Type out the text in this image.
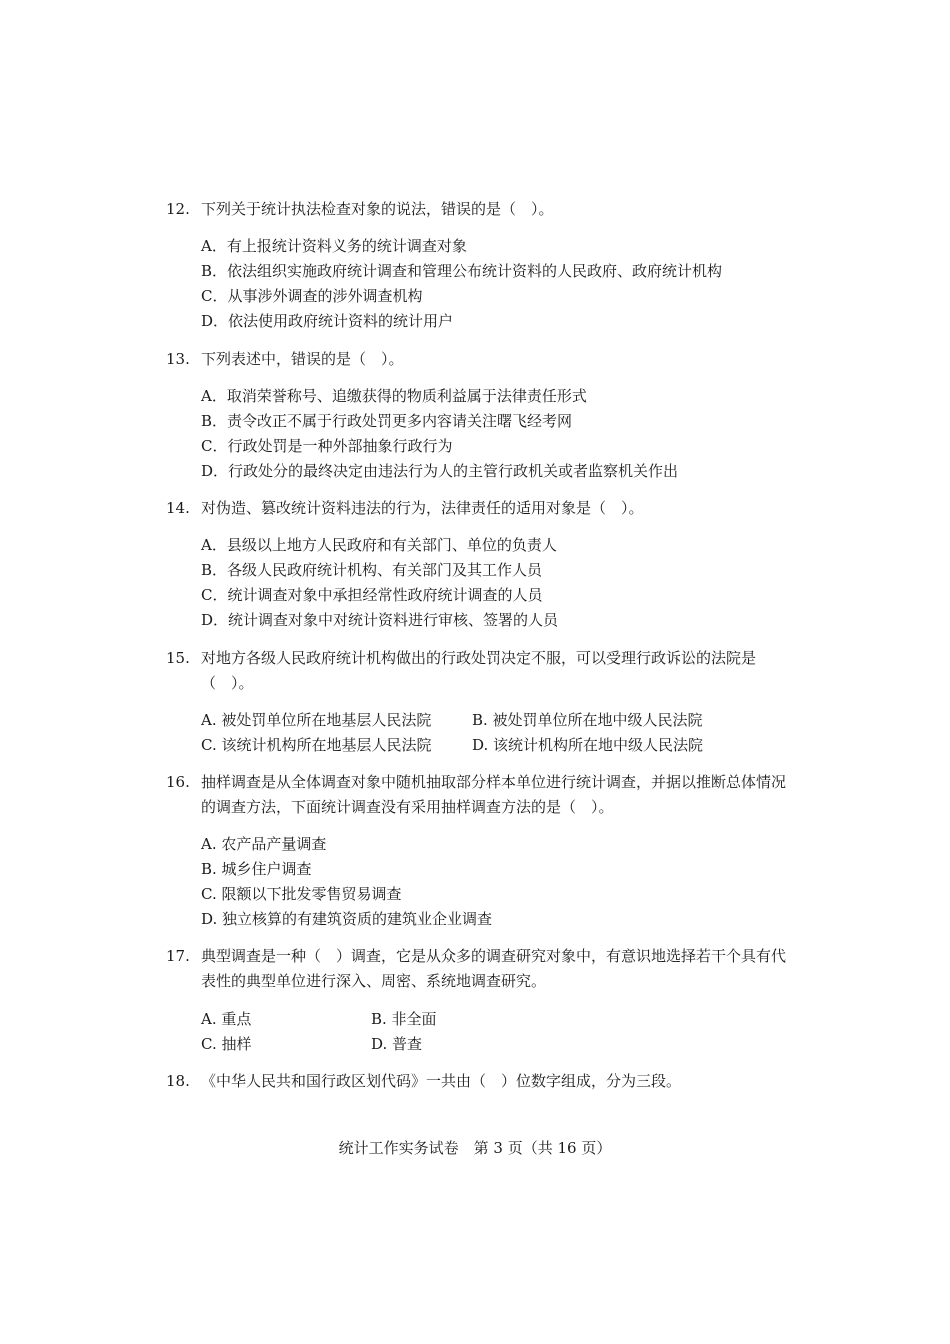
12. 下列关于统计执法检查对象的说法，错误的是（　）。
A．有上报统计资料义务的统计调查对象
B．依法组织实施政府统计调查和管理公布统计资料的人民政府、政府统计机构
C．从事涉外调查的涉外调查机构
D．依法使用政府统计资料的统计用户
13. 下列表述中，错误的是（　）。
A．取消荣誉称号、追缴获得的物质利益属于法律责任形式
B．责令改正不属于行政处罚更多内容请关注曙飞经考网
C．行政处罚是一种外部抽象行政行为
D．行政处分的最终决定由违法行为人的主管行政机关或者监察机关作出
14. 对伪造、篡改统计资料违法的行为，法律责任的适用对象是（　）。
A．县级以上地方人民政府和有关部门、单位的负责人
B．各级人民政府统计机构、有关部门及其工作人员
C．统计调查对象中承担经常性政府统计调查的人员
D．统计调查对象中对统计资料进行审核、签署的人员
15. 对地方各级人民政府统计机构做出的行政处罚决定不服，可以受理行政诉讼的法院是（　）。
A. 被处罚单位所在地基层人民法院	B. 被处罚单位所在地中级人民法院
C. 该统计机构所在地基层人民法院	D. 该统计机构所在地中级人民法院
16. 抽样调查是从全体调查对象中随机抽取部分样本单位进行统计调查，并据以推断总体情况的调查方法，下面统计调查没有采用抽样调查方法的是（　）。
A. 农产品产量调查
B. 城乡住户调查
C. 限额以下批发零售贸易调查
D. 独立核算的有建筑资质的建筑业企业调查
17. 典型调查是一种（　）调查，它是从众多的调查研究对象中，有意识地选择若干个具有代表性的典型单位进行深入、周密、系统地调查研究。
A. 重点	B. 非全面
C. 抽样	D. 普查
18. 《中华人民共和国行政区划代码》一共由（　）位数字组成，分为三段。
统计工作实务试卷　第 3 页（共 16 页）
